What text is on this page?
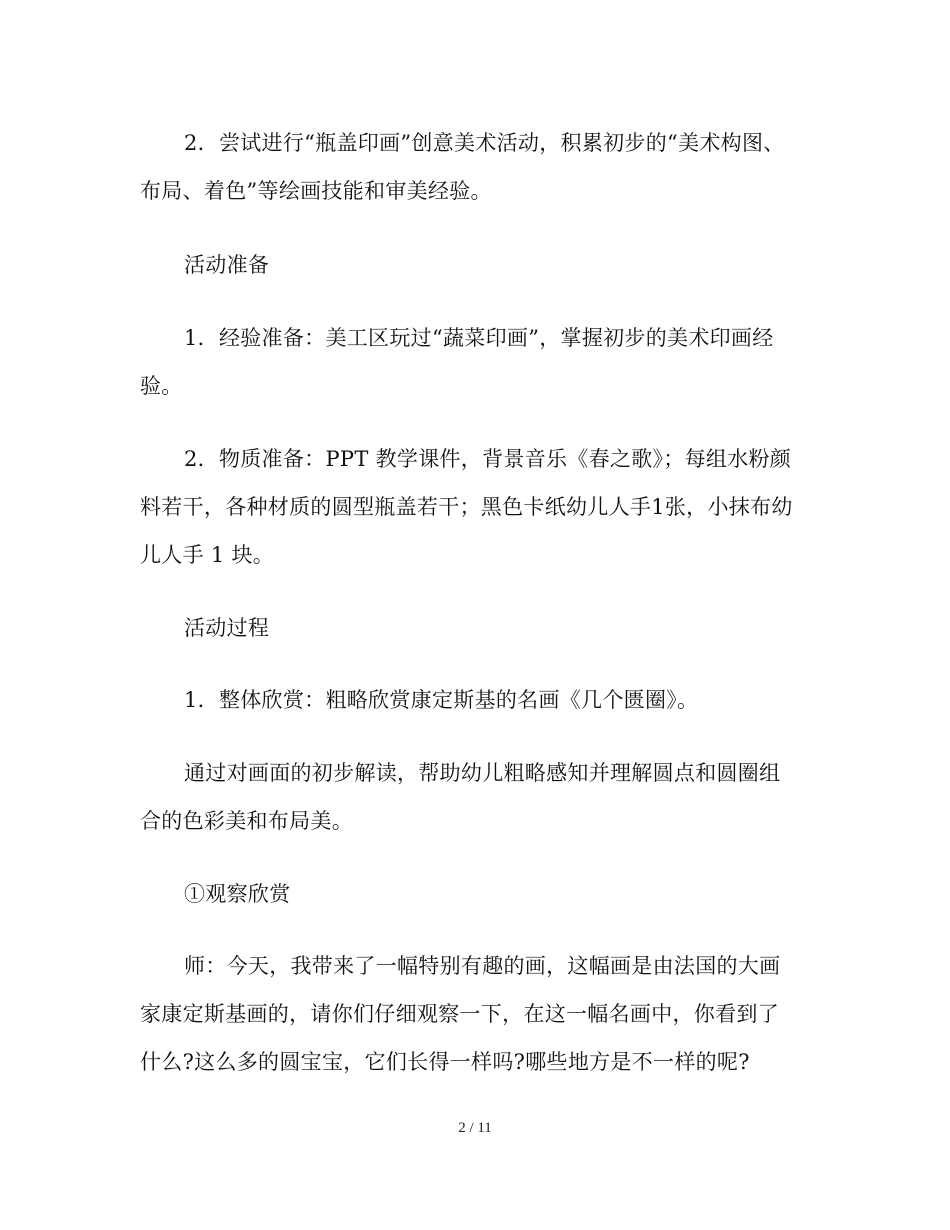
2．尝试进行“瓶盖印画”创意美术活动，积累初步的“美术构图、
布局、着色”等绘画技能和审美经验。
活动准备
1．经验准备：美工区玩过“蔬菜印画”，掌握初步的美术印画经
验。
2．物质准备：PPT 教学课件，背景音乐《春之歌》；每组水粉颜
料若干，各种材质的圆型瓶盖若干；黑色卡纸幼儿人手1张，小抹布幼
儿人手 1 块。
活动过程
1．整体欣赏：粗略欣赏康定斯基的名画《几个匮圈》。
通过对画面的初步解读，帮助幼儿粗略感知并理解圆点和圆圈组
合的色彩美和布局美。
①观察欣赏
师：今天，我带来了一幅特别有趣的画，这幅画是由法国的大画
家康定斯基画的，请你们仔细观察一下，在这一幅名画中，你看到了
什么?这么多的圆宝宝，它们长得一样吗?哪些地方是不一样的呢?
2 / 11
